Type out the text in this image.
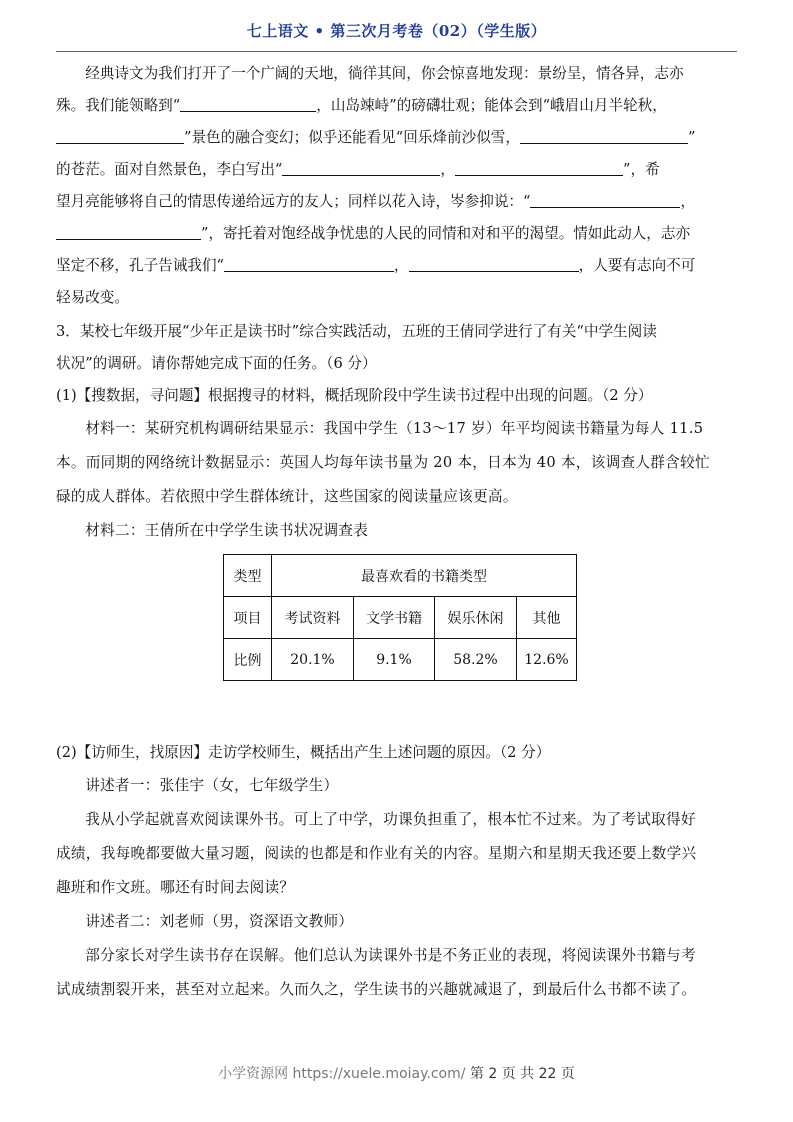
七上语文 • 第三次月考卷（02）（学生版）

经典诗文为我们打开了一个广阔的天地，徜徉其间，你会惊喜地发现：景纷呈，情各异，志亦

殊。我们能领略到“	，山岛竦峙”的磅礴壮观；能体会到“峨眉山月半轮秋，

”景色的融合变幻；似乎还能看见“回乐烽前沙似雪，	”

的苍茫。面对自然景色，李白写出“	，	”，希

望月亮能够将自己的情思传递给远方的友人；同样以花入诗，岑参抑说：“	，

”，寄托着对饱经战争忧患的人民的同情和对和平的渴望。情如此动人，志亦

坚定不移，孔子告诫我们“	，	，人要有志向不可

轻易改变。

3．某校七年级开展“少年正是读书时”综合实践活动，五班的王倩同学进行了有关“中学生阅读

状况”的调研。请你帮她完成下面的任务。（6 分）

(1)【搜数据，寻问题】根据搜寻的材料，概括现阶段中学生读书过程中出现的问题。（2 分）

材料一：某研究机构调研结果显示：我国中学生（13～17 岁）年平均阅读书籍量为每人 11.5

本。而同期的网络统计数据显示：英国人均每年读书量为 20 本，日本为 40 本，该调查人群含较忙

碌的成人群体。若依照中学生群体统计，这些国家的阅读量应该更高。

材料二：王倩所在中学学生读书状况调查表

类型	最喜欢看的书籍类型			
项目	考试资料	文学书籍	娱乐休闲	其他
比例	20.1%	9.1%	58.2%	12.6%

(2)【访师生，找原因】走访学校师生，概括出产生上述问题的原因。（2 分）

讲述者一：张佳宇（女，七年级学生）

我从小学起就喜欢阅读课外书。可上了中学，功课负担重了，根本忙不过来。为了考试取得好

成绩，我每晚都要做大量习题，阅读的也都是和作业有关的内容。星期六和星期天我还要上数学兴

趣班和作文班。哪还有时间去阅读？

讲述者二：刘老师（男，资深语文教师）

部分家长对学生读书存在误解。他们总认为读课外书是不务正业的表现，将阅读课外书籍与考

试成绩割裂开来，甚至对立起来。久而久之，学生读书的兴趣就减退了，到最后什么书都不读了。

小学资源网 https://xuele.moiay.com/ 第 2 页 共 22 页
